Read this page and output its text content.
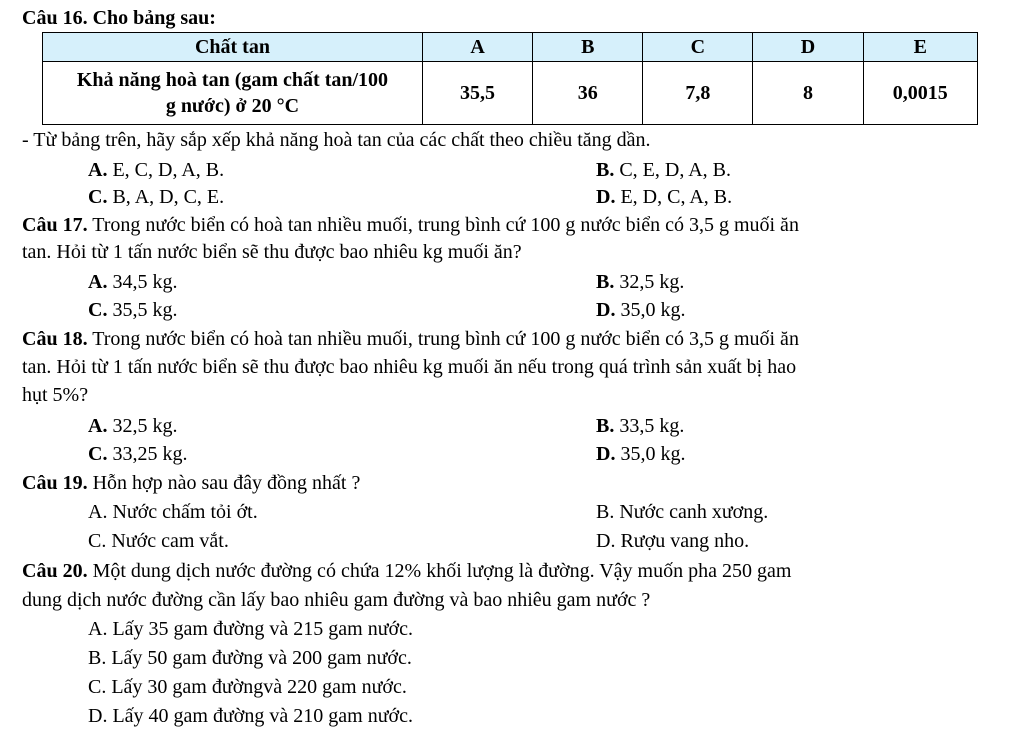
Câu 16. Cho bảng sau:
Chất tan	A	B	C	D	E

Khả năng hoà tan (gam chất tan/100
g nước) ở 20 °C	35,5	36	7,8	8	0,0015
- Từ bảng trên, hãy sắp xếp khả năng hoà tan của các chất theo chiều tăng dần.
A. E, C, D, A, B.	B. C, E, D, A, B.
C. B, A, D, C, E.	D. E, D, C, A, B.
Câu 17. Trong nước biển có hoà tan nhiều muối, trung bình cứ 100 g nước biển có 3,5 g muối ăn
tan. Hỏi từ 1 tấn nước biển sẽ thu được bao nhiêu kg muối ăn?
A. 34,5 kg.	B. 32,5 kg.
C. 35,5 kg.	D. 35,0 kg.
Câu 18. Trong nước biển có hoà tan nhiều muối, trung bình cứ 100 g nước biển có 3,5 g muối ăn
tan. Hỏi từ 1 tấn nước biển sẽ thu được bao nhiêu kg muối ăn nếu trong quá trình sản xuất bị hao
hụt 5%?
A. 32,5 kg.	B. 33,5 kg.
C. 33,25 kg.	D. 35,0 kg.
Câu 19. Hỗn hợp nào sau đây đồng nhất ?
A. Nước chấm tỏi ớt.	B. Nước canh xương.
C. Nước cam vắt.	D. Rượu vang nho.
Câu 20. Một dung dịch nước đường có chứa 12% khối lượng là đường. Vậy muốn pha 250 gam
dung dịch nước đường cần lấy bao nhiêu gam đường và bao nhiêu gam nước ?
A. Lấy 35 gam đường và 215 gam nước.
B. Lấy 50 gam đường và 200 gam nước.
C. Lấy 30 gam đườngvà 220 gam nước.
D. Lấy 40 gam đường và 210 gam nước.
